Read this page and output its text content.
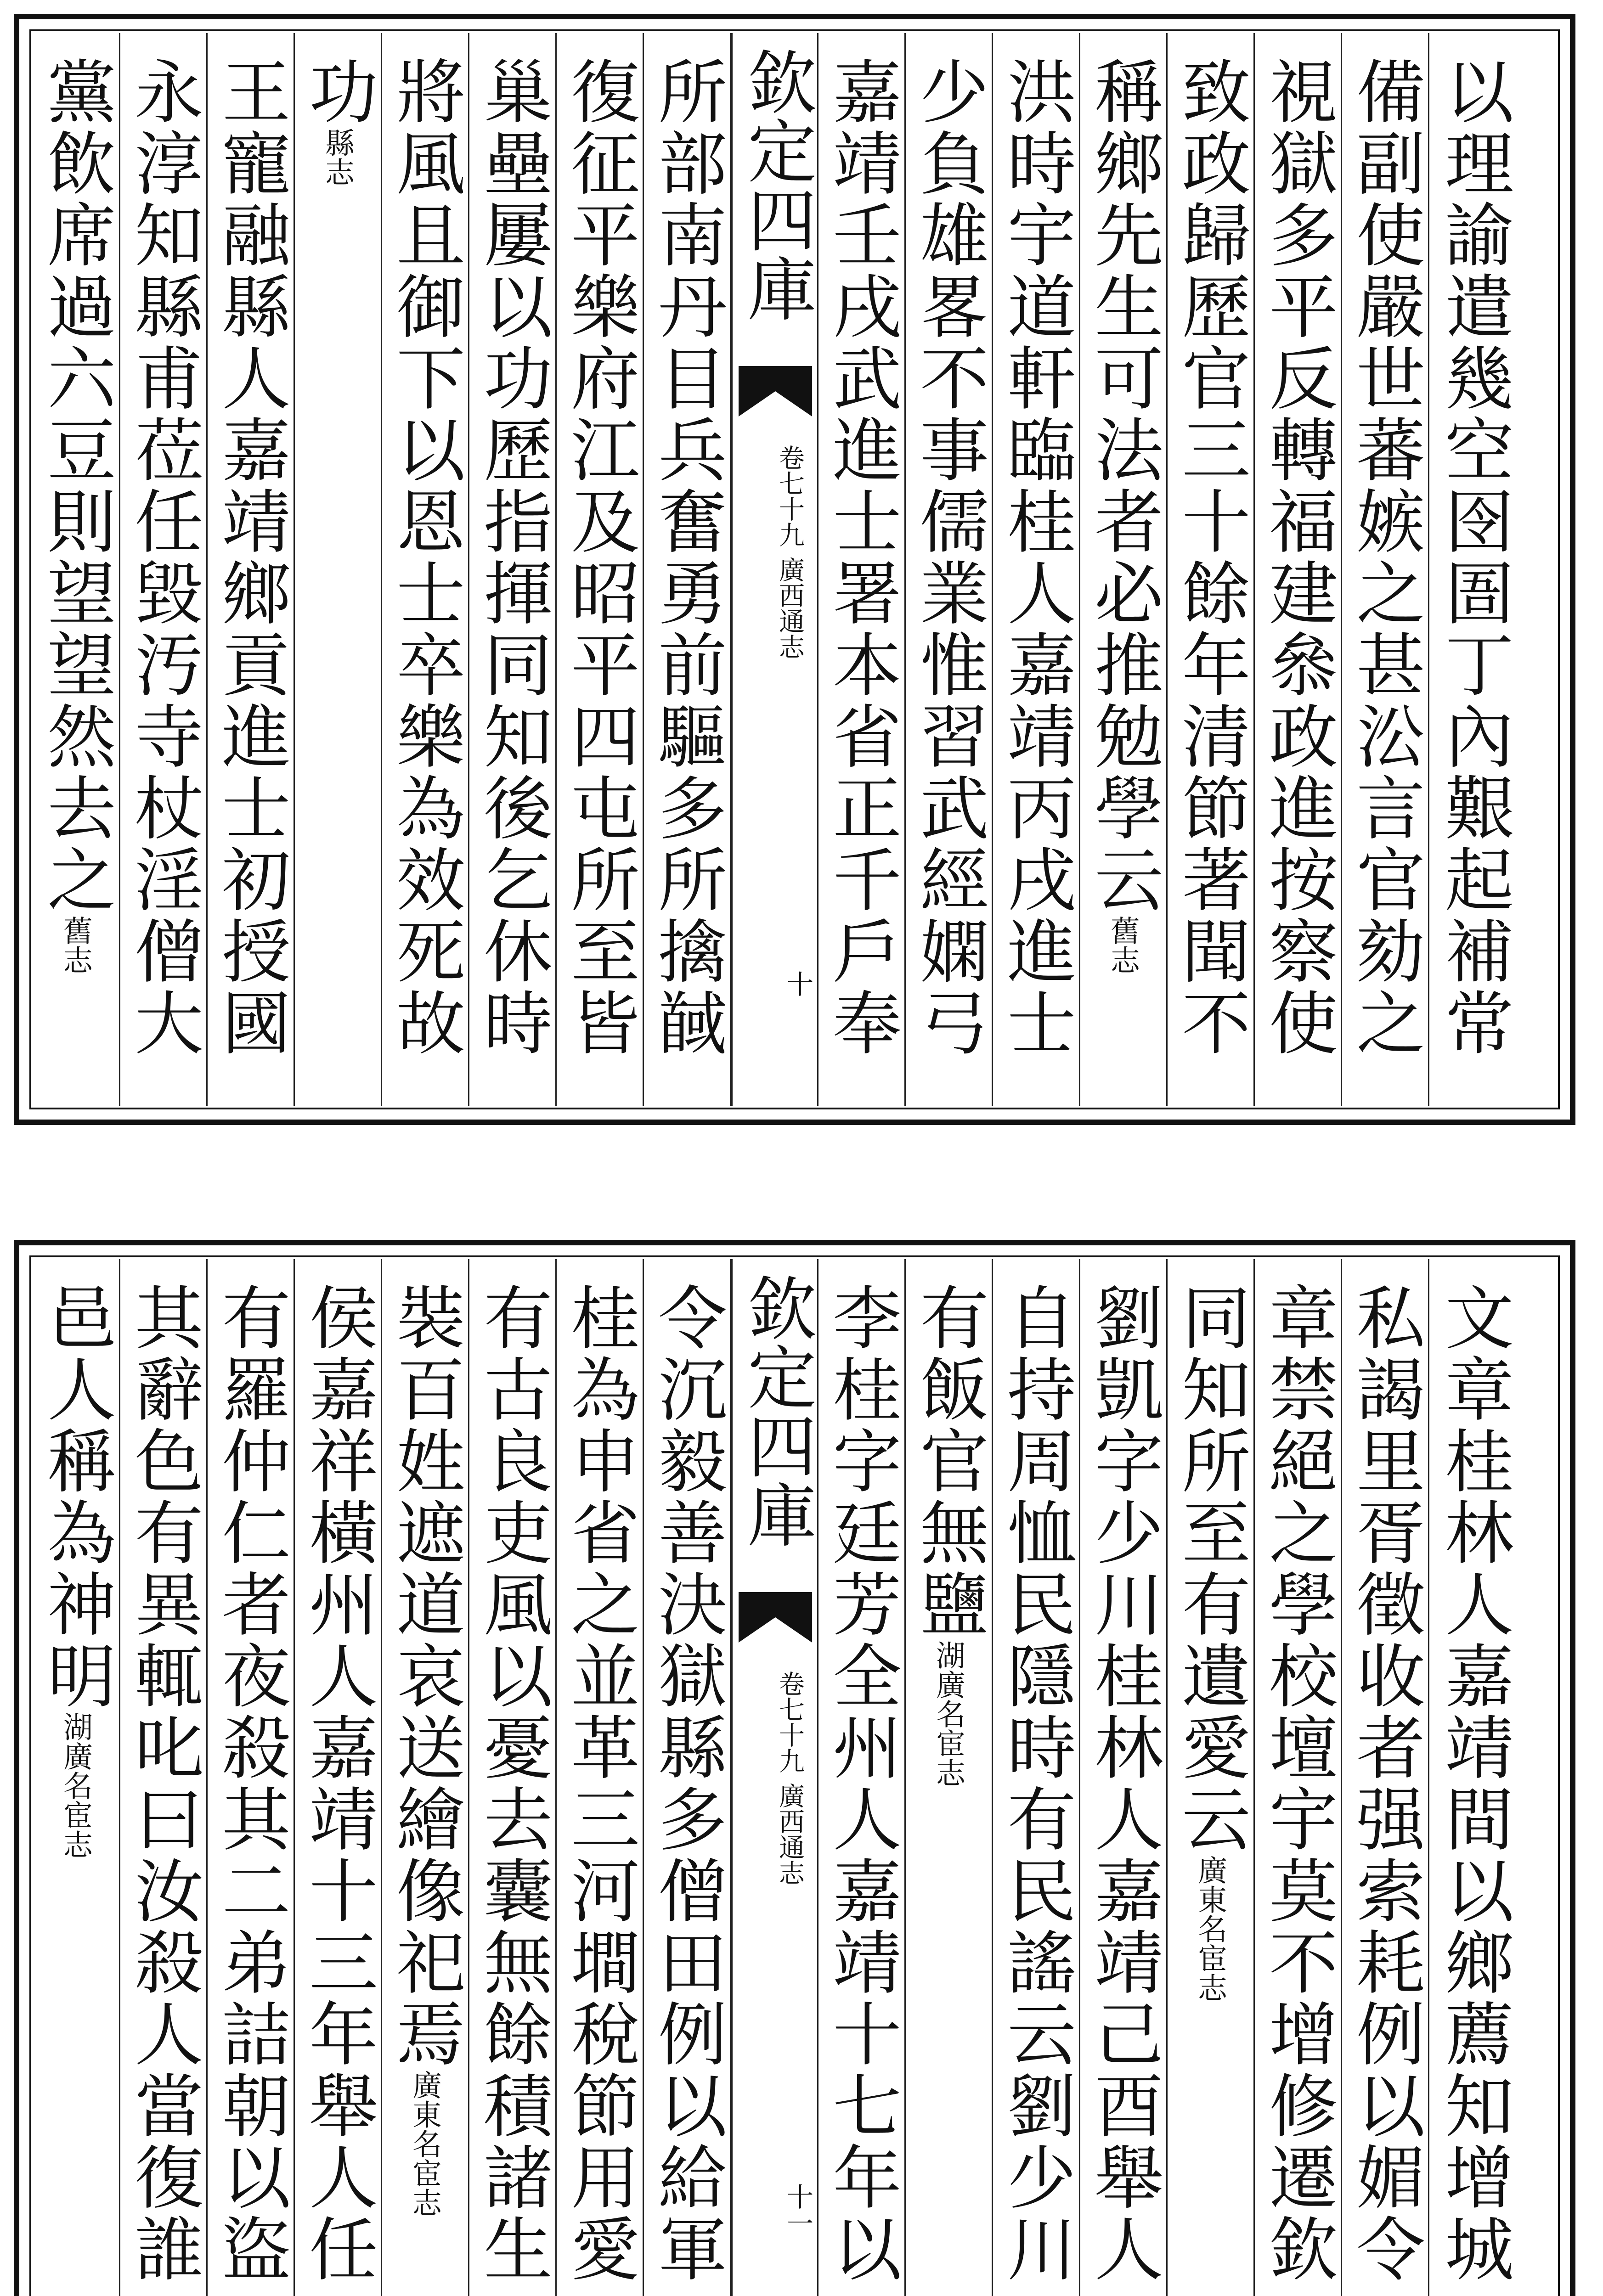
黨飲席過六豆則望望然去之舊志
永淳知縣甫莅任毀汚寺杖淫僧大
王寵融縣人嘉靖鄉貢進士初授國
功縣志
將風且御下以恩士卒樂為效死故
巢壘屢以功歷指揮同知後乞休時
復征平樂府江及昭平四屯所至皆
所部南丹目兵奮勇前驅多所擒馘
欽定四庫
廣西通志
卷七十九
十
嘉靖壬戌武進士署本省正千戶奉
少負雄畧不事儒業惟習武經嫻弓
洪時宇道軒臨桂人嘉靖丙戌進士
稱鄉先生可法者必推勉學云舊志
致政歸歷官三十餘年清節著聞不
視獄多平反轉福建叅政進按察使
備副使嚴世蕃嫉之甚㳂言官劾之
以理諭遣幾空囹圄丁內艱起補常
邑人稱為神明湖廣名宦志
其辭色有異輒叱曰汝殺人當復誰
有羅仲仁者夜殺其二弟詰朝以盜
侯嘉祥橫州人嘉靖十三年舉人任
裝百姓遮道哀送繪像祀焉廣東名宦志
有古良吏風以憂去囊無餘積諸生
桂為申省之並革三河墹稅節用愛
令沉毅善決獄縣多僧田例以給軍
欽定四庫
廣西通志
卷七十九
十一
李桂字廷芳全州人嘉靖十七年以
有飯官無鹽湖廣名宦志
自持周恤民隱時有民謠云劉少川
劉凱字少川桂林人嘉靖己酉舉人
同知所至有遺愛云廣東名宦志
章禁絕之學校壇宇莫不增修遷欽
私謁里胥徵收者强索耗例以媚令
文章桂林人嘉靖間以鄉薦知增城
